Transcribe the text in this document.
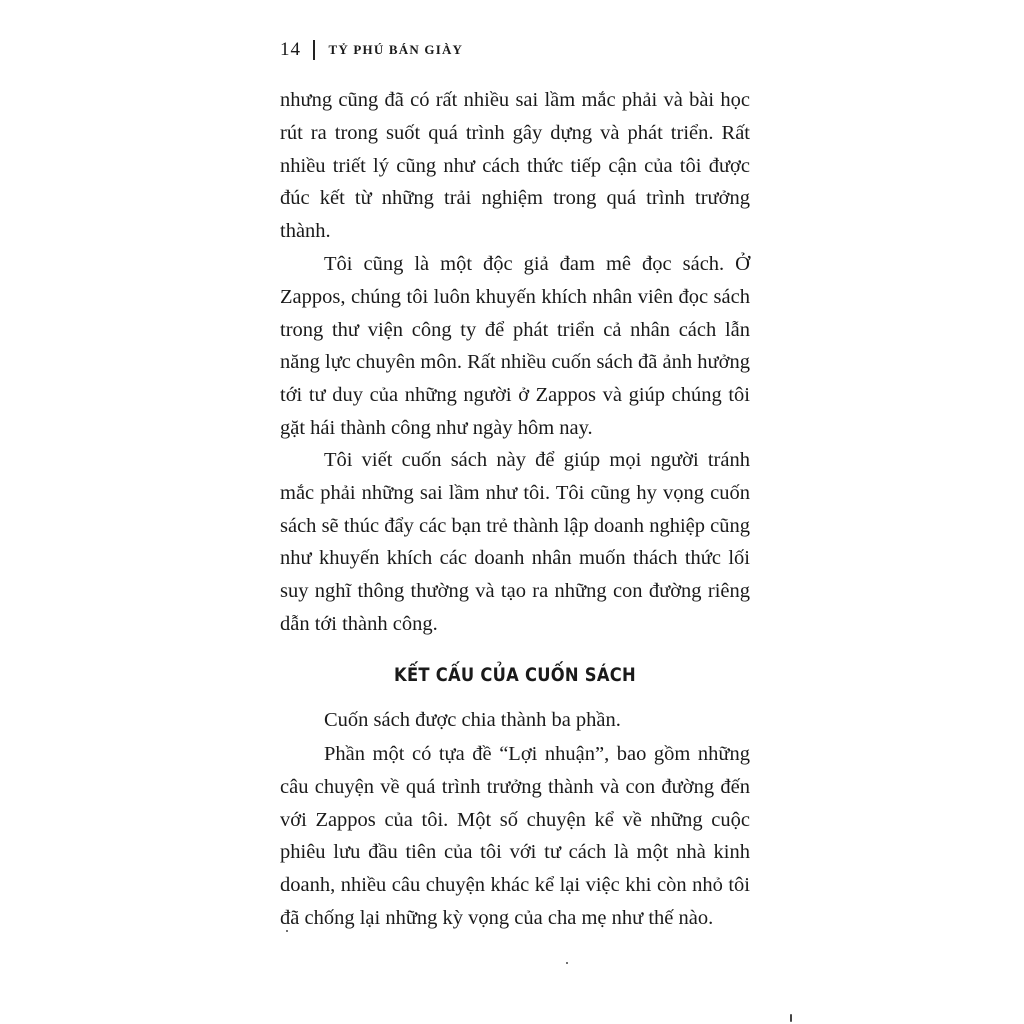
14 TỶ PHÚ BÁN GIÀY

nhưng cũng đã có rất nhiều sai lầm mắc phải và bài học rút ra trong suốt quá trình gây dựng và phát triển. Rất nhiều triết lý cũng như cách thức tiếp cận của tôi được đúc kết từ những trải nghiệm trong quá trình trưởng thành.

Tôi cũng là một độc giả đam mê đọc sách. Ở Zappos, chúng tôi luôn khuyến khích nhân viên đọc sách trong thư viện công ty để phát triển cả nhân cách lẫn năng lực chuyên môn. Rất nhiều cuốn sách đã ảnh hưởng tới tư duy của những người ở Zappos và giúp chúng tôi gặt hái thành công như ngày hôm nay.

Tôi viết cuốn sách này để giúp mọi người tránh mắc phải những sai lầm như tôi. Tôi cũng hy vọng cuốn sách sẽ thúc đẩy các bạn trẻ thành lập doanh nghiệp cũng như khuyến khích các doanh nhân muốn thách thức lối suy nghĩ thông thường và tạo ra những con đường riêng dẫn tới thành công.

KẾT CẤU CỦA CUỐN SÁCH

Cuốn sách được chia thành ba phần.

Phần một có tựa đề “Lợi nhuận”, bao gồm những câu chuyện về quá trình trưởng thành và con đường đến với Zappos của tôi. Một số chuyện kể về những cuộc phiêu lưu đầu tiên của tôi với tư cách là một nhà kinh doanh, nhiều câu chuyện khác kể lại việc khi còn nhỏ tôi đã chống lại những kỳ vọng của cha mẹ như thế nào.
